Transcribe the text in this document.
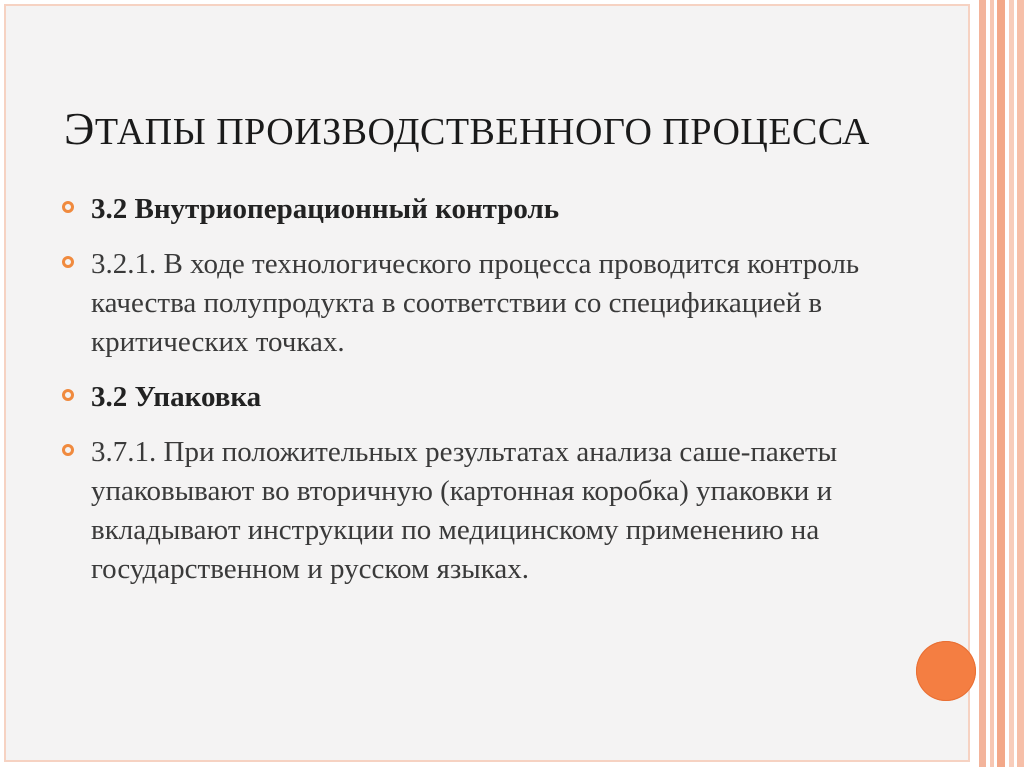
ЭТАПЫ ПРОИЗВОДСТВЕННОГО ПРОЦЕССА
3.2 Внутриоперационный контроль
3.2.1. В ходе технологического процесса проводится контроль качества полупродукта в соответствии со спецификацией в критических точках.
3.2 Упаковка
3.7.1. При положительных результатах анализа саше-пакеты упаковывают во вторичную (картонная коробка) упаковки и вкладывают инструкции по медицинскому применению на государственном и русском языках.
